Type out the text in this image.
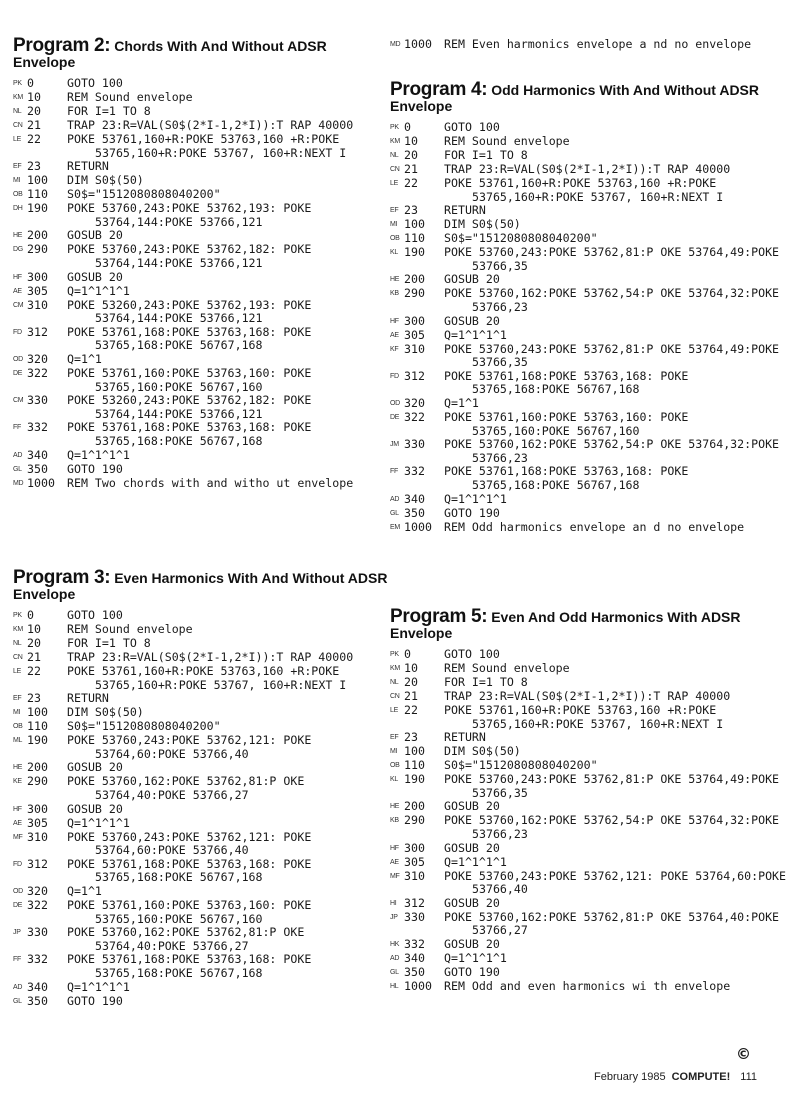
Program 2: Chords With And Without ADSR Envelope
PK 0	GOTO 100
KM 10	REM Sound envelope
NL 20	FOR I=1 TO 8
CN 21	TRAP 23:R=VAL(S0$(2*I-1,2*I)):T RAP 40000
LE 22	POKE 53761,160+R:POKE 53763,160 +R:POKE 53765,160+R:POKE 53767, 160+R:NEXT I
EF 23	RETURN
MI 100	DIM S0$(50)
OB 110	S0$="1512080808040200"
DH 190	POKE 53760,243:POKE 53762,193: POKE 53764,144:POKE 53766,121
HE 200	GOSUB 20
DG 290	POKE 53760,243:POKE 53762,182: POKE 53764,144:POKE 53766,121
HF 300	GOSUB 20
AE 305	Q=1^1^1^1
CM 310	POKE 53260,243:POKE 53762,193: POKE 53764,144:POKE 53766,121
FD 312	POKE 53761,168:POKE 53763,168: POKE 53765,168:POKE 56767,168
OD 320	Q=1^1
DE 322	POKE 53761,160:POKE 53763,160: POKE 53765,160:POKE 56767,160
CM 330	POKE 53260,243:POKE 53762,182: POKE 53764,144:POKE 53766,121
FF 332	POKE 53761,168:POKE 53763,168: POKE 53765,168:POKE 56767,168
AD 340	Q=1^1^1^1
GL 350	GOTO 190
MD 1000	REM Two chords with and witho ut envelope
Program 3: Even Harmonics With And Without ADSR Envelope
PK 0	GOTO 100
KM 10	REM Sound envelope
NL 20	FOR I=1 TO 8
CN 21	TRAP 23:R=VAL(S0$(2*I-1,2*I)):T RAP 40000
LE 22	POKE 53761,160+R:POKE 53763,160 +R:POKE 53765,160+R:POKE 53767, 160+R:NEXT I
EF 23	RETURN
MI 100	DIM S0$(50)
OB 110	S0$="1512080808040200"
ML 190	POKE 53760,243:POKE 53762,121: POKE 53764,60:POKE 53766,40
HE 200	GOSUB 20
KE 290	POKE 53760,162:POKE 53762,81:P OKE 53764,40:POKE 53766,27
HF 300	GOSUB 20
AE 305	Q=1^1^1^1
MF 310	POKE 53760,243:POKE 53762,121: POKE 53764,60:POKE 53766,40
FD 312	POKE 53761,168:POKE 53763,168: POKE 53765,168:POKE 56767,168
OD 320	Q=1^1
DE 322	POKE 53761,160:POKE 53763,160: POKE 53765,160:POKE 56767,160
JP 330	POKE 53760,162:POKE 53762,81:P OKE 53764,40:POKE 53766,27
FF 332	POKE 53761,168:POKE 53763,168: POKE 53765,168:POKE 56767,168
AD 340	Q=1^1^1^1
GL 350	GOTO 190
MD 1000	REM Even harmonics envelope a nd no envelope
Program 4: Odd Harmonics With And Without ADSR Envelope
PK 0	GOTO 100
KM 10	REM Sound envelope
NL 20	FOR I=1 TO 8
CN 21	TRAP 23:R=VAL(S0$(2*I-1,2*I)):T RAP 40000
LE 22	POKE 53761,160+R:POKE 53763,160 +R:POKE 53765,160+R:POKE 53767, 160+R:NEXT I
EF 23	RETURN
MI 100	DIM S0$(50)
OB 110	S0$="1512080808040200"
KL 190	POKE 53760,243:POKE 53762,81:P OKE 53764,49:POKE 53766,35
HE 200	GOSUB 20
KB 290	POKE 53760,162:POKE 53762,54:P OKE 53764,32:POKE 53766,23
HF 300	GOSUB 20
AE 305	Q=1^1^1^1
KF 310	POKE 53760,243:POKE 53762,81:P OKE 53764,49:POKE 53766,35
FD 312	POKE 53761,168:POKE 53763,168: POKE 53765,168:POKE 56767,168
OD 320	Q=1^1
DE 322	POKE 53761,160:POKE 53763,160: POKE 53765,160:POKE 56767,160
JM 330	POKE 53760,162:POKE 53762,54:P OKE 53764,32:POKE 53766,23
FF 332	POKE 53761,168:POKE 53763,168: POKE 53765,168:POKE 56767,168
AD 340	Q=1^1^1^1
GL 350	GOTO 190
EM 1000	REM Odd harmonics envelope an d no envelope
Program 5: Even And Odd Harmonics With ADSR Envelope
PK 0	GOTO 100
KM 10	REM Sound envelope
NL 20	FOR I=1 TO 8
CN 21	TRAP 23:R=VAL(S0$(2*I-1,2*I)):T RAP 40000
LE 22	POKE 53761,160+R:POKE 53763,160 +R:POKE 53765,160+R:POKE 53767, 160+R:NEXT I
EF 23	RETURN
MI 100	DIM S0$(50)
OB 110	S0$="1512080808040200"
KL 190	POKE 53760,243:POKE 53762,81:P OKE 53764,49:POKE 53766,35
HE 200	GOSUB 20
KB 290	POKE 53760,162:POKE 53762,54:P OKE 53764,32:POKE 53766,23
HF 300	GOSUB 20
AE 305	Q=1^1^1^1
MF 310	POKE 53760,243:POKE 53762,121: POKE 53764,60:POKE 53766,40
HI 312	GOSUB 20
JP 330	POKE 53760,162:POKE 53762,81:P OKE 53764,40:POKE 53766,27
HK 332	GOSUB 20
AD 340	Q=1^1^1^1
GL 350	GOTO 190
HL 1000	REM Odd and even harmonics wi th envelope
©
February 1985 COMPUTE! 111
